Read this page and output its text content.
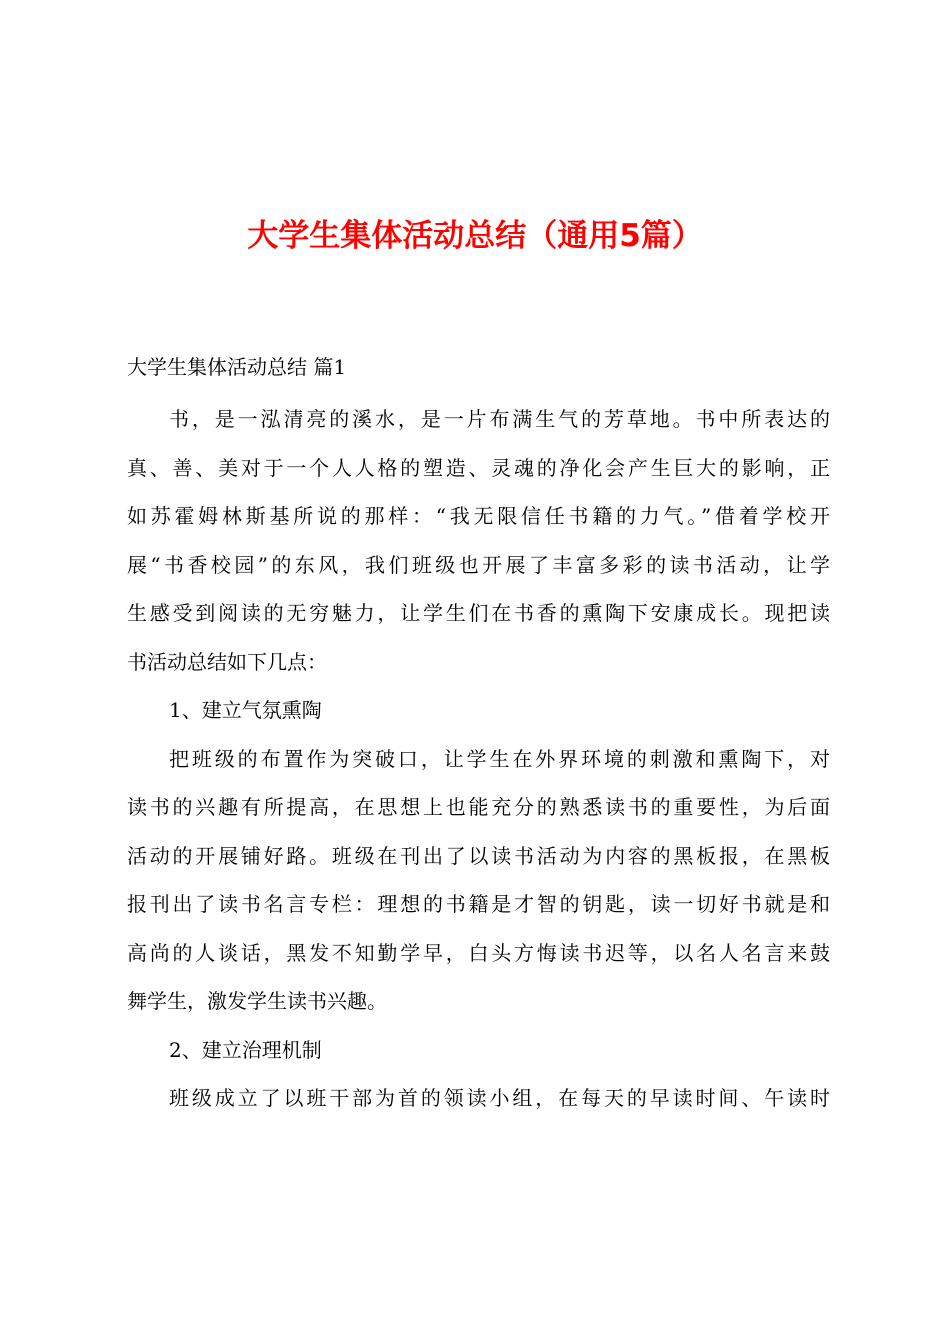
大学生集体活动总结（通用5篇）
大学生集体活动总结 篇1
书，是一泓清亮的溪水，是一片布满生气的芳草地。书中所表达的
真、善、美对于一个人人格的塑造、灵魂的净化会产生巨大的影响，正
如苏霍姆林斯基所说的那样：“我无限信任书籍的力气。”借着学校开
展“书香校园”的东风，我们班级也开展了丰富多彩的读书活动，让学
生感受到阅读的无穷魅力，让学生们在书香的熏陶下安康成长。现把读
书活动总结如下几点：
1、建立气氛熏陶
把班级的布置作为突破口，让学生在外界环境的刺激和熏陶下，对
读书的兴趣有所提高，在思想上也能充分的熟悉读书的重要性，为后面
活动的开展铺好路。班级在刊出了以读书活动为内容的黑板报，在黑板
报刊出了读书名言专栏：理想的书籍是才智的钥匙，读一切好书就是和
高尚的人谈话，黑发不知勤学早，白头方悔读书迟等，以名人名言来鼓
舞学生，激发学生读书兴趣。
2、建立治理机制
班级成立了以班干部为首的领读小组，在每天的早读时间、午读时
